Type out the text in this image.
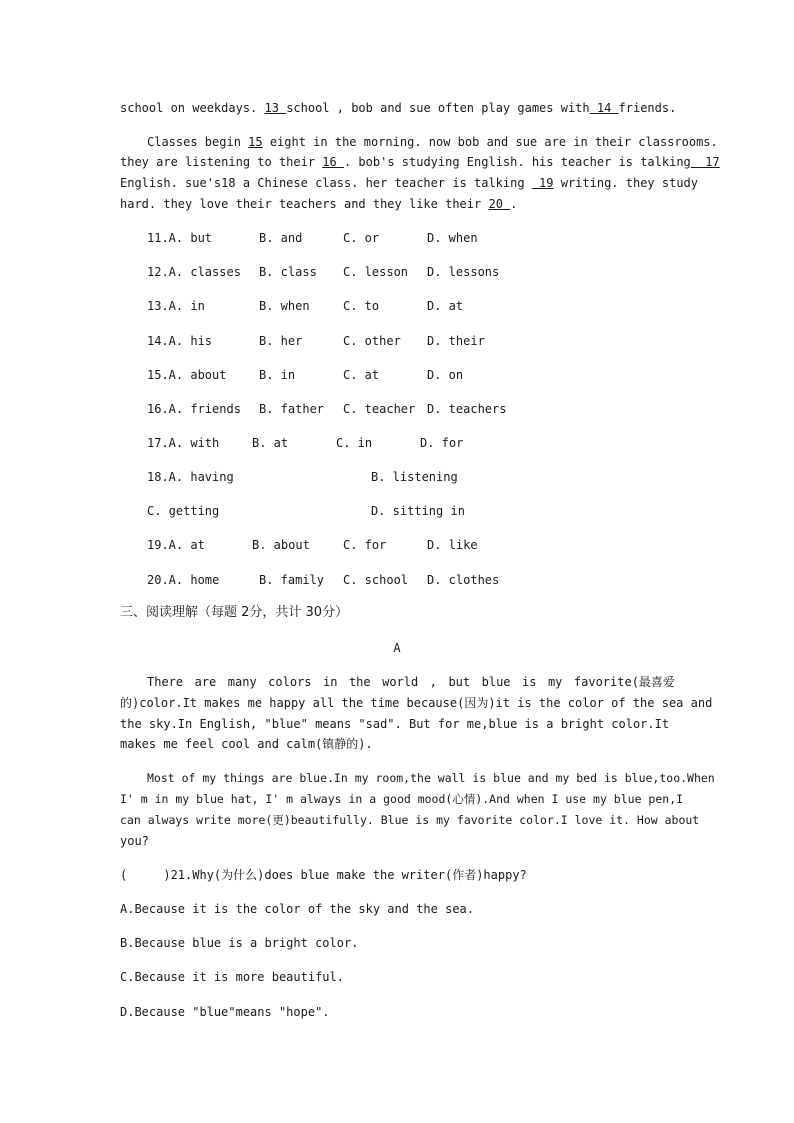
school on weekdays. 13 school , bob and sue often play games with 14 friends.
Classes begin 15 eight in the morning. now bob and sue are in their classrooms.
they are listening to their 16 . bob's studying English. his teacher is talking  17
English. sue's18 a Chinese class. her teacher is talking  19 writing. they study
hard. they love their teachers and they like their 20 .
11.A. but	B. and	C. or	D. when
12.A. classes B. class C. lesson D. lessons
13.A. in	B. when	C. to	D. at
14.A. his	B. her	C. other D. their
15.A. about	B. in	C. at	D. on
16.A. friends B. father C. teacher D. teachers
17.A. with	B. at	C. in	D. for
18.A. having	B. listening
C. getting	D. sitting in
19.A. at	B. about	C. for	D. like
20.A. home	B. family C. school D. clothes
三、阅读理解（每题 2分，共计 30分）
A
There are many colors in the world , but blue is my favorite(最喜爱
的)color.It makes me happy all the time because(因为)it is the color of the sea and
the sky.In English, "blue" means "sad". But for me,blue is a bright color.It
makes me feel cool and calm(镇静的).
Most of my things are blue.In my room,the wall is blue and my bed is blue,too.When
I' m in my blue hat, I' m always in a good mood(心情).And when I use my blue pen,I
can always write more(更)beautifully. Blue is my favorite color.I love it. How about
you?
(     )21.Why(为什么)does blue make the writer(作者)happy?
A.Because it is the color of the sky and the sea.
B.Because blue is a bright color.
C.Because it is more beautiful.
D.Because "blue"means "hope".
